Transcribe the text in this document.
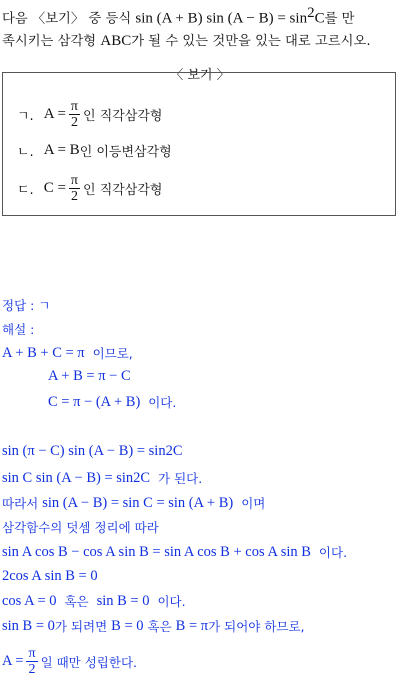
다음 〈보기〉 중 등식 sin (A + B) $\sin (A - B) = \sin^2C$를 만
족시키는 삼각형 ABC가 될 수 있는 것만을 있는 대로 고르시오.
〈 보기 〉
ㄱ. $A = \frac{\pi}{2}$ 인 직각삼각형
ㄴ. A = B 인 이등변삼각형
ㄷ. $C = \frac{\pi}{2}$ 인 직각삼각형
정답 :
ㄱ
해설 :
A + B + C = π
이므로,
A + B = π − C
C = π − (A + B)
이다.
sin (π − C) sin (A − B) = sin 2 C
sin C sin (A − B) = sin 2 C
가 된다.
따라서
sin (A − B) = sin C = sin (A + B)
이며
삼각함수의 덧셈 정리에 따라
sin A cos B − cos A sin B = sin A cos B + cos A sin B
이다.
2cos A sin B = 0
cos A = 0
혹은
sin B = 0
이다.
sin B = 0 가 되려면
B = 0
혹은
B = π 가 되어야 하므로,
$A = \frac{\pi}{2}$ 일 때만 성립한다.
